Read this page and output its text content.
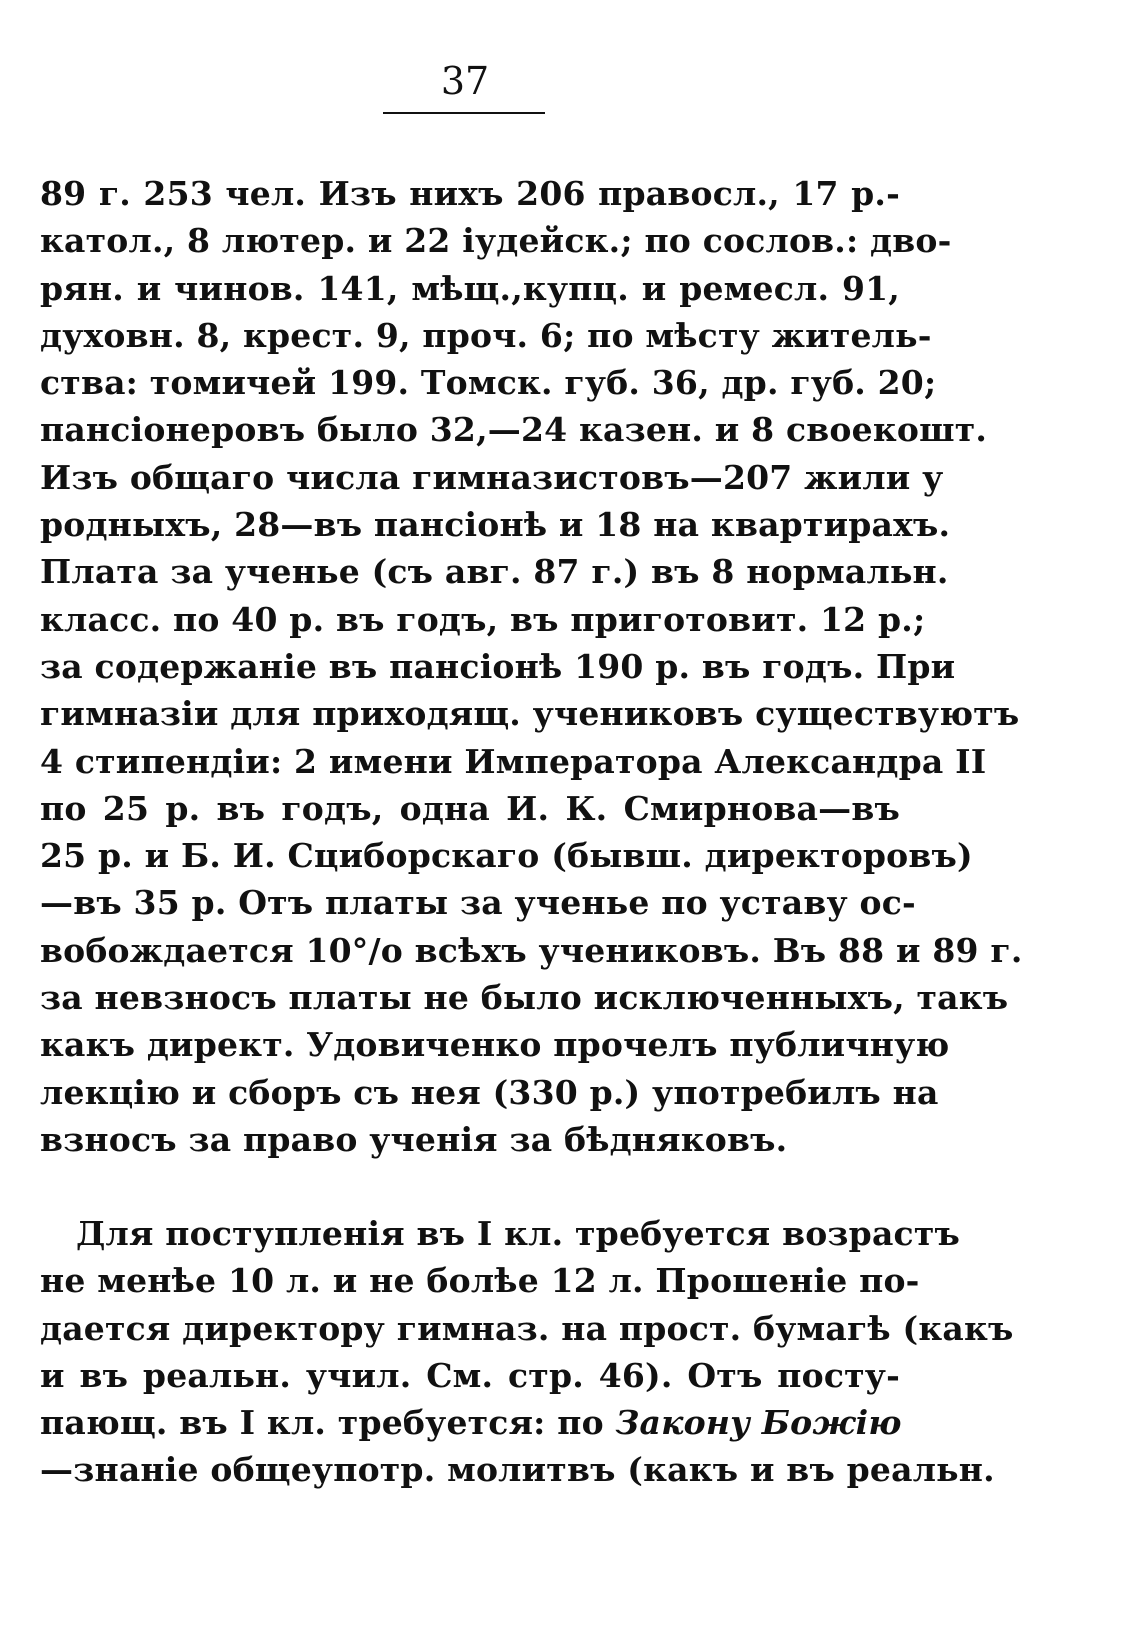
37
89 г. 253 чел. Изъ нихъ 206 правосл., 17 р.-
катол., 8 лютер. и 22 іудейск.; по сослов.: дво-
рян. и чинов. 141, мѣщ.,купц. и ремесл. 91,
духовн. 8, крест. 9, проч. 6; по мѣсту житель-
ства: томичей 199. Томск. губ. 36, др. губ. 20;
пансіонеровъ было 32,—24 казен. и 8 своекошт.
Изъ общаго числа гимназистовъ—207 жили у
родныхъ, 28—въ пансіонѣ и 18 на квартирахъ.
Плата за ученье (съ авг. 87 г.) въ 8 нормальн.
класс. по 40 р. въ годъ, въ приготовит. 12 р.;
за содержаніе въ пансіонѣ 190 р. въ годъ. При
гимназіи для приходящ. учениковъ существуютъ
4 стипендіи: 2 имени Императора Александра II
по 25 р. въ годъ, одна И. К. Смирнова—въ
25 р. и Б. И. Сциборскаго (бывш. директоровъ)
—въ 35 р. Отъ платы за ученье по уставу ос-
вобождается 10°/о всѣхъ учениковъ. Въ 88 и 89 г.
за невзносъ платы не было исключенныхъ, такъ
какъ директ. Удовиченко прочелъ публичную
лекцію и сборъ съ нея (330 р.) употребилъ на
взносъ за право ученія за бѣдняковъ.
Для поступленія въ I кл. требуется возрастъ
не менѣе 10 л. и не болѣе 12 л. Прошеніе по-
дается директору гимназ. на прост. бумагѣ (какъ
и въ реальн. учил. См. стр. 46). Отъ посту-
пающ. въ I кл. требуется: по Закону Божію
—знаніе общеупотр. молитвъ (какъ и въ реальн.
